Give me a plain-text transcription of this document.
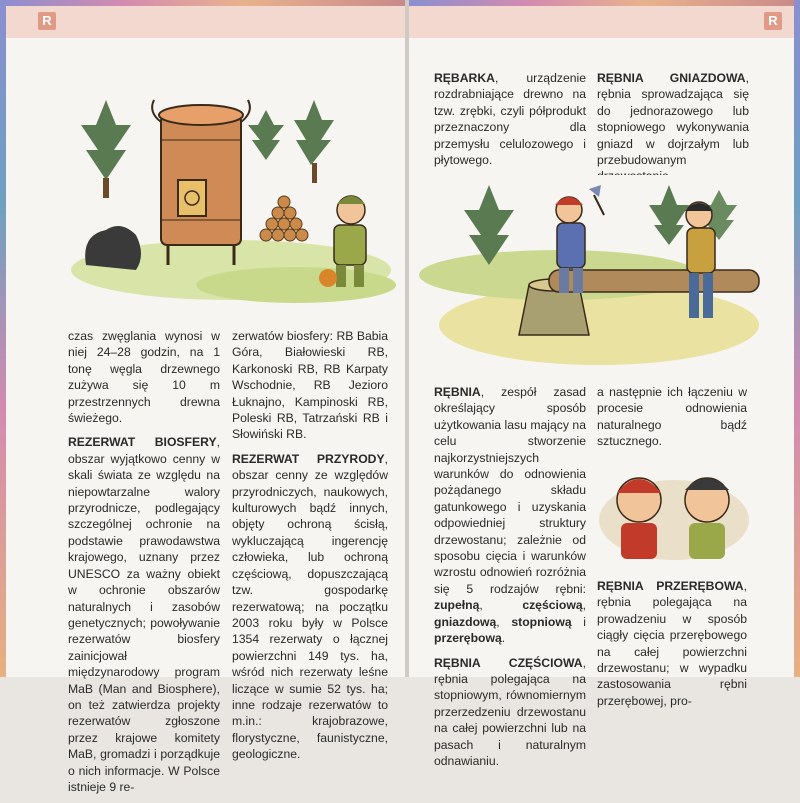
R

czas zwęglania wynosi w niej 24–28 godzin, na 1 tonę węgla drzewnego zużywa się 10 m przestrzennych drewna świeżego.

REZERWAT BIOSFERY, obszar wyjątkowo cenny w skali świata ze względu na niepowtarzalne walory przyrodnicze, podlegający szczególnej ochronie na podstawie prawodawstwa krajowego, uznany przez UNESCO za ważny obiekt w ochronie obszarów naturalnych i zasobów genetycznych; powoływanie rezerwatów biosfery zainicjował międzynarodowy program MaB (Man and Biosphere), on też zatwierdza projekty rezerwatów zgłoszone przez krajowe komitety MaB, gromadzi i porządkuje o nich informacje. W Polsce istnieje 9 re-

zerwatów biosfery: RB Babia Góra, Białowieski RB, Karkonoski RB, RB Karpaty Wschodnie, RB Jezioro Łuknajno, Kampinoski RB, Poleski RB, Tatrzański RB i Słowiński RB.

REZERWAT PRZYRODY, obszar cenny ze względów przyrodniczych, naukowych, kulturowych bądź innych, objęty ochroną ścisłą, wykluczającą ingerencję człowieka, lub ochroną częściową, dopuszczającą tzw. gospodarkę rezerwatową; na początku 2003 roku były w Polsce 1354 rezerwaty o łącznej powierzchni 149 tys. ha, wśród nich rezerwaty leśne liczące w sumie 52 tys. ha; inne rodzaje rezerwatów to m.in.: krajobrazowe, florystyczne, faunistyczne, geologiczne.

R

RĘBARKA, urządzenie rozdrabniające drewno na tzw. zrębki, czyli półprodukt przeznaczony dla przemysłu celulozowego i płytowego.

RĘBNIA GNIAZDOWA, rębnia sprowadzająca się do jednorazowego lub stopniowego wykonywania gniazd w dojrzałym lub przebudowanym

RĘBNIA, zespół zasad określający sposób użytkowania lasu mający na celu stworzenie najkorzystniejszych warunków do odnowienia pożądanego składu gatunkowego i uzyskania odpowiedniej struktury drzewostanu; zależnie od sposobu cięcia i warunków wzrostu odnowień rozróżnia się 5 rodzajów rębni: zupełną, częściową, gniazdową, stopniową i przerębową.

RĘBNIA CZĘŚCIOWA, rębnia polegająca na stopniowym, równomiernym przerzedzeniu drzewostanu na całej powierzchni lub na pasach i naturalnym odnawianiu.

a następnie ich łączeniu w procesie odnowienia naturalnego bądź sztucznego.

RĘBNIA PRZERĘBOWA, rębnia polegająca na prowadzeniu w sposób ciągły cięcia przerębowego na całej powierzchni drzewostanu; w wypadku zastosowania rębni przerębowej, pro-
